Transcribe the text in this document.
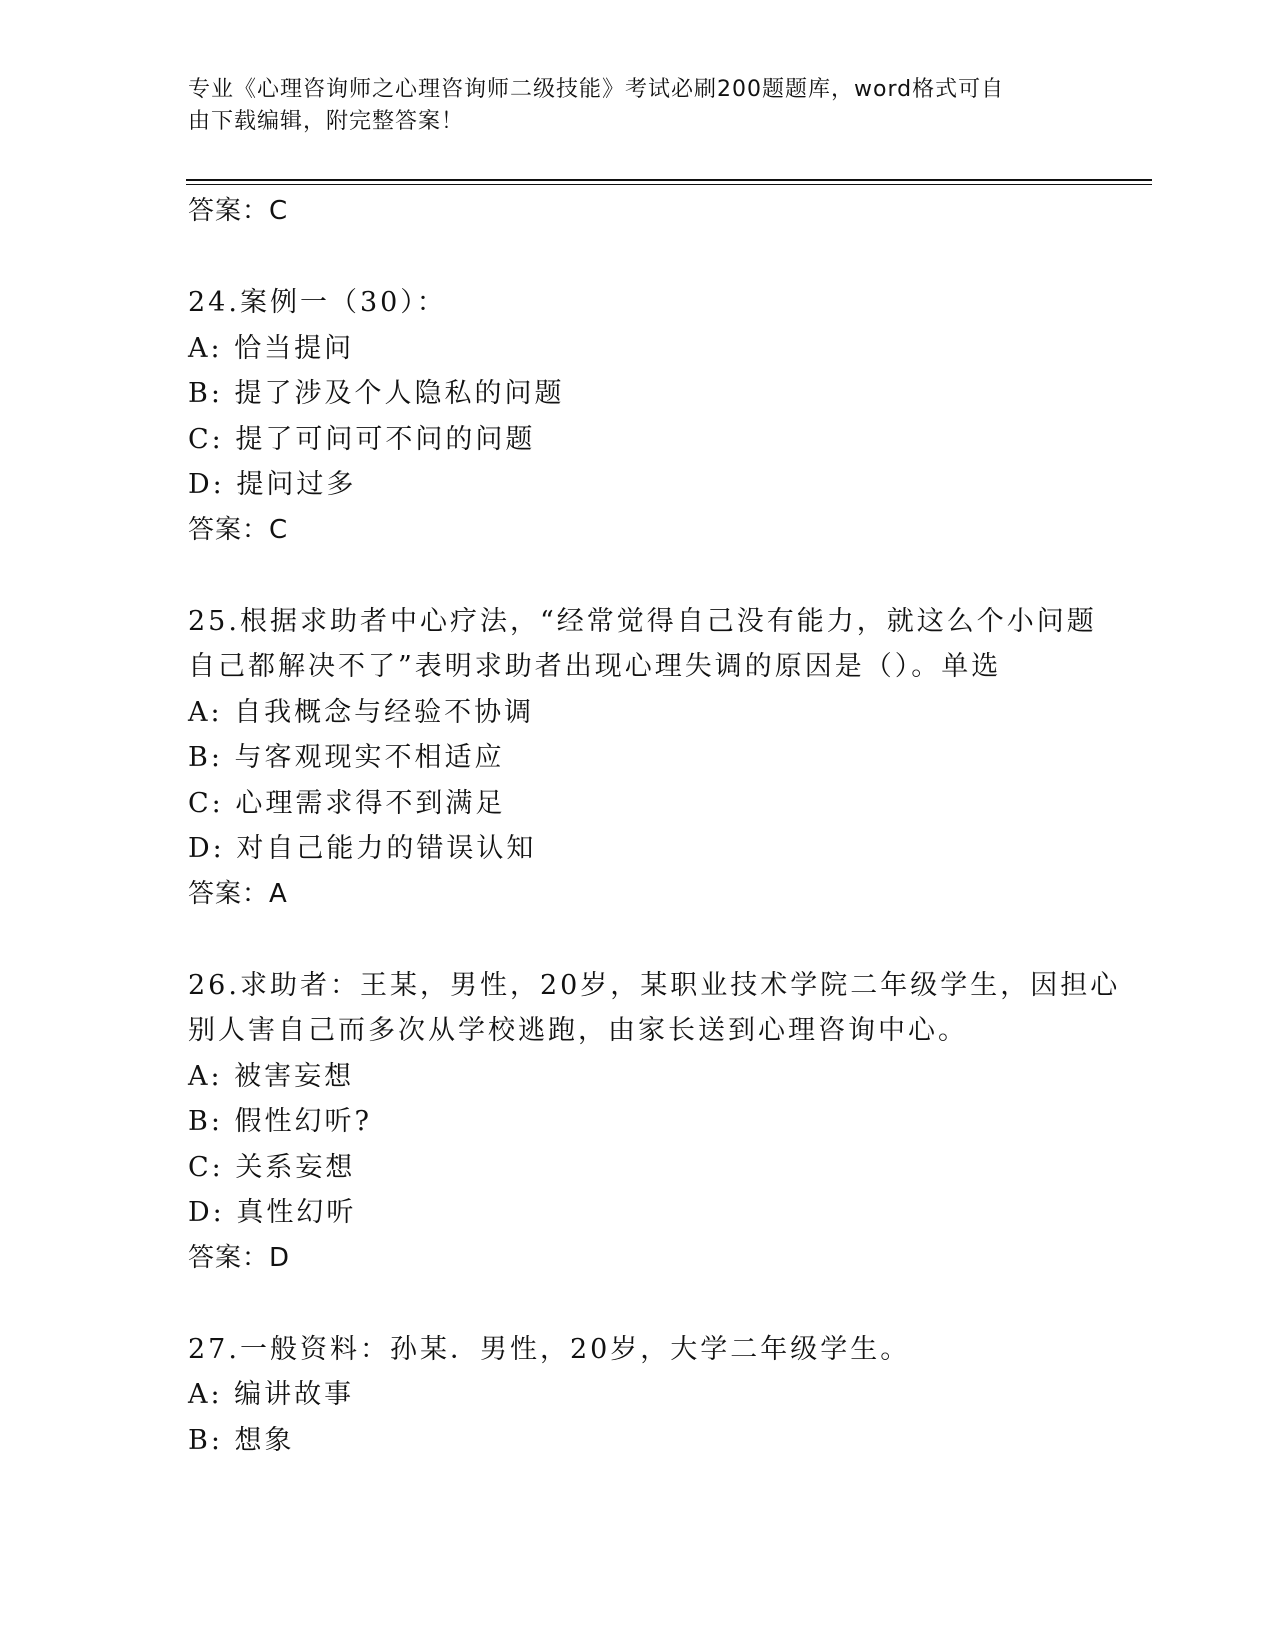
专业《心理咨询师之心理咨询师二级技能》考试必刷200题题库，word格式可自
由下载编辑，附完整答案！
答案：C
24.案例一（30）：
A: 恰当提问
B: 提了涉及个人隐私的问题
C: 提了可问可不问的问题
D: 提问过多
答案：C
25.根据求助者中心疗法，“经常觉得自己没有能力，就这么个小问题
自己都解决不了”表明求助者出现心理失调的原因是（）。单选
A: 自我概念与经验不协调
B: 与客观现实不相适应
C: 心理需求得不到满足
D: 对自己能力的错误认知
答案：A
26.求助者：王某，男性，20岁，某职业技术学院二年级学生，因担心
别人害自己而多次从学校逃跑，由家长送到心理咨询中心。
A: 被害妄想
B: 假性幻听?
C: 关系妄想
D: 真性幻听
答案：D
27.一般资料：孙某．男性，20岁，大学二年级学生。
A: 编讲故事
B: 想象
